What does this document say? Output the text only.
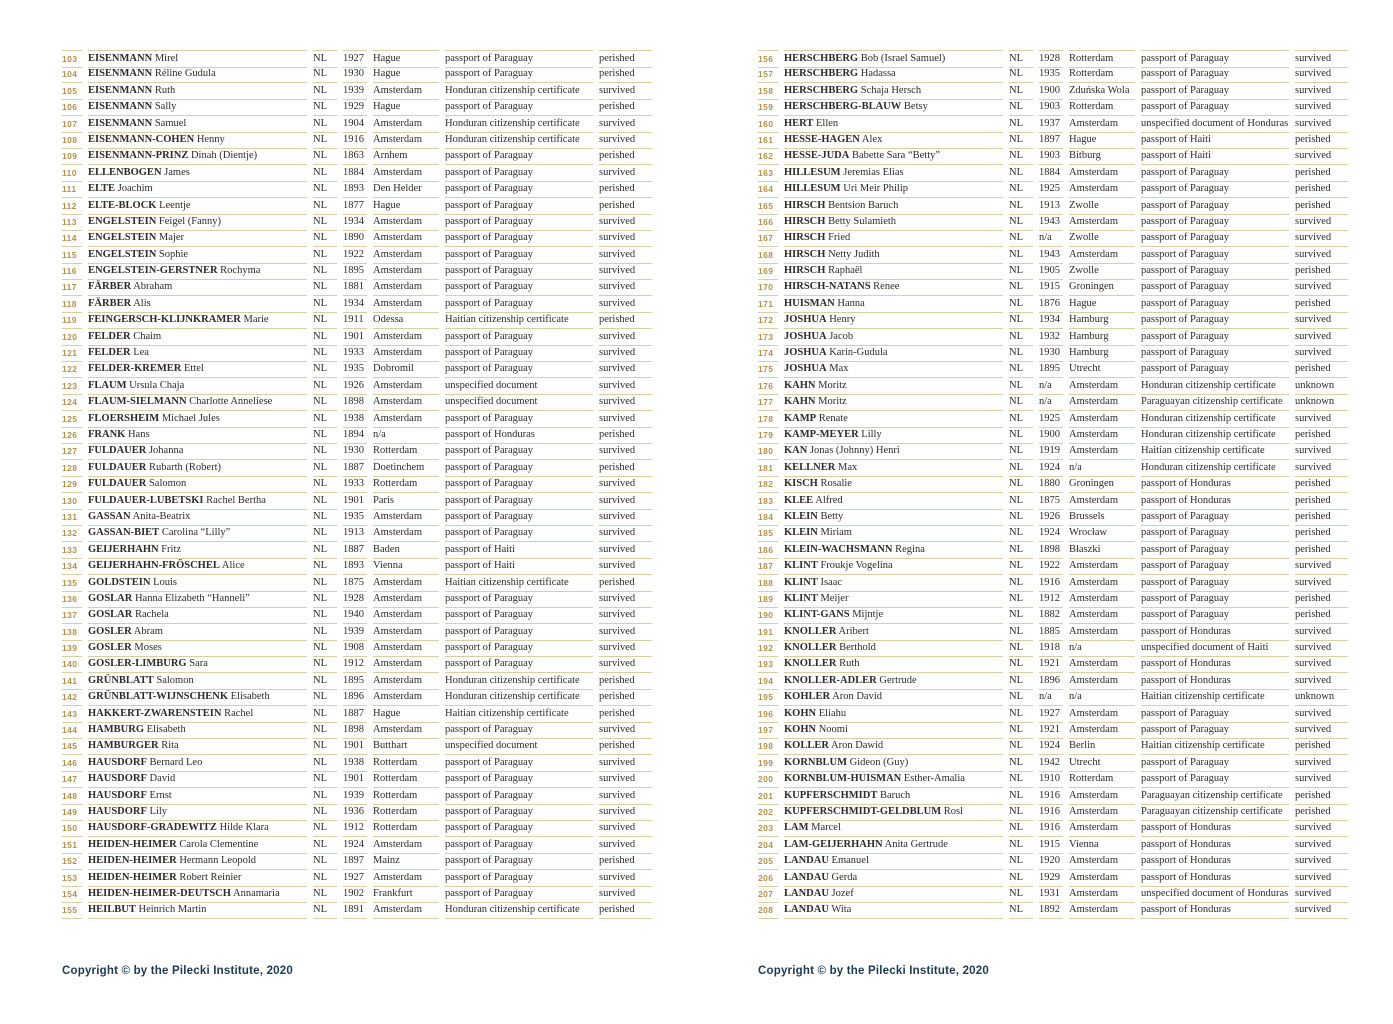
103	EISENMANN Mirel	NL	1927 Hague	passport of Paraguay	perished
104	EISENMANN Réline Gudula	NL	1930 Hague	passport of Paraguay	perished
105	EISENMANN Ruth	NL	1939 Amsterdam	Honduran citizenship certificate	survived
106	EISENMANN Sally	NL	1929 Hague	passport of Paraguay	perished
107	EISENMANN Samuel	NL	1904 Amsterdam	Honduran citizenship certificate	survived
108	EISENMANN-COHEN Henny	NL	1916 Amsterdam	Honduran citizenship certificate	survived
109	EISENMANN-PRINZ Dinah (Dientje)	NL	1863 Arnhem	passport of Paraguay	perished
110	ELLENBOGEN James	NL	1884 Amsterdam	passport of Paraguay	survived
111	ELTE Joachim	NL	1893 Den Helder	passport of Paraguay	perished
112	ELTE-BLOCK Leentje	NL	1877 Hague	passport of Paraguay	perished
113	ENGELSTEIN Feigel (Fanny)	NL	1934 Amsterdam	passport of Paraguay	survived
114	ENGELSTEIN Majer	NL	1890 Amsterdam	passport of Paraguay	survived
115	ENGELSTEIN Sophie	NL	1922 Amsterdam	passport of Paraguay	survived
116	ENGELSTEIN-GERSTNER Rochyma	NL	1895 Amsterdam	passport of Paraguay	survived
117	FÄRBER Abraham	NL	1881 Amsterdam	passport of Paraguay	survived
118	FÄRBER Alis	NL	1934 Amsterdam	passport of Paraguay	survived
119	FEINGERSCH-KLIJNKRAMER Marie	NL	1911 Odessa	Haitian citizenship certificate	perished
120	FELDER Chaim	NL	1901 Amsterdam	passport of Paraguay	survived
121	FELDER Lea	NL	1933 Amsterdam	passport of Paraguay	survived
122	FELDER-KREMER Ettel	NL	1935 Dobromil	passport of Paraguay	survived
123	FLAUM Ursula Chaja	NL	1926 Amsterdam	unspecified document	survived
124	FLAUM-SIELMANN Charlotte Anneliese	NL	1898 Amsterdam	unspecified document	survived
125	FLOERSHEIM Michael Jules	NL	1938 Amsterdam	passport of Paraguay	survived
126	FRANK Hans	NL	1894 n/a	passport of Honduras	perished
127	FULDAUER Johanna	NL	1930 Rotterdam	passport of Paraguay	survived
128	FULDAUER Rubarth (Robert)	NL	1887 Doetinchem	passport of Paraguay	perished
129	FULDAUER Salomon	NL	1933 Rotterdam	passport of Paraguay	survived
130	FULDAUER-LUBETSKI Rachel Bertha	NL	1901 Paris	passport of Paraguay	survived
131	GASSAN Anita-Beatrix	NL	1935 Amsterdam	passport of Paraguay	survived
132	GASSAN-BIET Carolina “Lilly”	NL	1913 Amsterdam	passport of Paraguay	survived
133	GEIJERHAHN Fritz	NL	1887 Baden	passport of Haiti	survived
134	GEIJERHAHN-FRÖSCHEL Alice	NL	1893 Vienna	passport of Haiti	survived
135	GOLDSTEIN Louis	NL	1875 Amsterdam	Haitian citizenship certificate	perished
136	GOSLAR Hanna Elizabeth “Hanneli”	NL	1928 Amsterdam	passport of Paraguay	survived
137	GOSLAR Rachela	NL	1940 Amsterdam	passport of Paraguay	survived
138	GOSLER Abram	NL	1939 Amsterdam	passport of Paraguay	survived
139	GOSLER Moses	NL	1908 Amsterdam	passport of Paraguay	survived
140	GOSLER-LIMBURG Sara	NL	1912 Amsterdam	passport of Paraguay	survived
141	GRÜNBLATT Salomon	NL	1895 Amsterdam	Honduran citizenship certificate	perished
142	GRÜNBLATT-WIJNSCHENK Elisabeth	NL	1896 Amsterdam	Honduran citizenship certificate	perished
143	HAKKERT-ZWARENSTEIN Rachel	NL	1887 Hague	Haitian citizenship certificate	perished
144	HAMBURG Elisabeth	NL	1898 Amsterdam	passport of Paraguay	survived
145	HAMBURGER Rita	NL	1901 Butthart	unspecified document	perished
146	HAUSDORF Bernard Leo	NL	1938 Rotterdam	passport of Paraguay	survived
147	HAUSDORF David	NL	1901 Rotterdam	passport of Paraguay	survived
148	HAUSDORF Ernst	NL	1939 Rotterdam	passport of Paraguay	survived
149	HAUSDORF Lily	NL	1936 Rotterdam	passport of Paraguay	survived
150	HAUSDORF-GRADEWITZ Hilde Klara	NL	1912 Rotterdam	passport of Paraguay	survived
151	HEIDEN-HEIMER Carola Clementine	NL	1924 Amsterdam	passport of Paraguay	survived
152	HEIDEN-HEIMER Hermann Leopold	NL	1897 Mainz	passport of Paraguay	perished
153	HEIDEN-HEIMER Robert Reinier	NL	1927 Amsterdam	passport of Paraguay	survived
154	HEIDEN-HEIMER-DEUTSCH Annamaria	NL	1902 Frankfurt	passport of Paraguay	survived
155	HEILBUT Heinrich Martin	NL	1891 Amsterdam	Honduran citizenship certificate	perished
Copyright © by the Pilecki Institute, 2020
156	HERSCHBERG Bob (Israel Samuel)	NL	1928 Rotterdam	passport of Paraguay	survived
157	HERSCHBERG Hadassa	NL	1935 Rotterdam	passport of Paraguay	survived
158	HERSCHBERG Schaja Hersch	NL	1900 Zduńska Wola	passport of Paraguay	survived
159	HERSCHBERG-BLAUW Betsy	NL	1903 Rotterdam	passport of Paraguay	survived
160	HERT Ellen	NL	1937 Amsterdam	unspecified document of Honduras survived
161	HESSE-HAGEN Alex	NL	1897 Hague	passport of Haiti	perished
162	HESSE-JUDA Babette Sara “Betty”	NL	1903 Bitburg	passport of Haiti	survived
163	HILLESUM Jeremias Elias	NL	1884 Amsterdam	passport of Paraguay	perished
164	HILLESUM Uri Meir Philip	NL	1925 Amsterdam	passport of Paraguay	perished
165	HIRSCH Bentsion Baruch	NL	1913 Zwolle	passport of Paraguay	perished
166	HIRSCH Betty Sulamieth	NL	1943 Amsterdam	passport of Paraguay	survived
167	HIRSCH Fried	NL	n/a	Zwolle	passport of Paraguay	survived
168	HIRSCH Netty Judith	NL	1943 Amsterdam	passport of Paraguay	survived
169	HIRSCH Raphaël	NL	1905 Zwolle	passport of Paraguay	perished
170	HIRSCH-NATANS Renee	NL	1915 Groningen	passport of Paraguay	survived
171	HUISMAN Hanna	NL	1876 Hague	passport of Paraguay	perished
172	JOSHUA Henry	NL	1934 Hamburg	passport of Paraguay	survived
173	JOSHUA Jacob	NL	1932 Hamburg	passport of Paraguay	survived
174	JOSHUA Karin-Gudula	NL	1930 Hamburg	passport of Paraguay	survived
175	JOSHUA Max	NL	1895 Utrecht	passport of Paraguay	perished
176	KAHN Moritz	NL	n/a	Amsterdam	Honduran citizenship certificate	unknown
177	KAHN Moritz	NL	n/a	Amsterdam	Paraguayan citizenship certificate	unknown
178	KAMP Renate	NL	1925 Amsterdam	Honduran citizenship certificate	survived
179	KAMP-MEYER Lilly	NL	1900 Amsterdam	Honduran citizenship certificate	perished
180	KAN Jonas (Johnny) Henri	NL	1919 Amsterdam	Haitian citizenship certificate	survived
181	KELLNER Max	NL	1924 n/a	Honduran citizenship certificate	survived
182	KISCH Rosalie	NL	1880 Groningen	passport of Honduras	perished
183	KLEE Alfred	NL	1875 Amsterdam	passport of Honduras	perished
184	KLEIN Betty	NL	1926 Brussels	passport of Paraguay	perished
185	KLEIN Miriam	NL	1924 Wrocław	passport of Paraguay	perished
186	KLEIN-WACHSMANN Regina	NL	1898 Błaszki	passport of Paraguay	perished
187	KLINT Froukje Vogelina	NL	1922 Amsterdam	passport of Paraguay	survived
188	KLINT Isaac	NL	1916 Amsterdam	passport of Paraguay	survived
189	KLINT Meijer	NL	1912 Amsterdam	passport of Paraguay	perished
190	KLINT-GANS Mijntje	NL	1882 Amsterdam	passport of Paraguay	perished
191	KNOLLER Aribert	NL	1885 Amsterdam	passport of Honduras	survived
192	KNOLLER Berthold	NL	1918 n/a	unspecified document of Haiti	survived
193	KNOLLER Ruth	NL	1921 Amsterdam	passport of Honduras	survived
194	KNOLLER-ADLER Gertrude	NL	1896 Amsterdam	passport of Honduras	survived
195	KOHLER Aron David	NL	n/a	n/a	Haitian citizenship certificate	unknown
196	KOHN Eliahu	NL	1927 Amsterdam	passport of Paraguay	survived
197	KOHN Noomi	NL	1921 Amsterdam	passport of Paraguay	survived
198	KOLLER Aron Dawid	NL	1924 Berlin	Haitian citizenship certificate	perished
199	KORNBLUM Gideon (Guy)	NL	1942 Utrecht	passport of Paraguay	survived
200	KORNBLUM-HUISMAN Esther-Amalia	NL	1910 Rotterdam	passport of Paraguay	survived
201	KUPFERSCHMIDT Baruch	NL	1916 Amsterdam	Paraguayan citizenship certificate	perished
202	KUPFERSCHMIDT-GELDBLUM Rosl	NL	1916 Amsterdam	Paraguayan citizenship certificate	perished
203	LAM Marcel	NL	1916 Amsterdam	passport of Honduras	survived
204	LAM-GEIJERHAHN Anita Gertrude	NL	1915 Vienna	passport of Honduras	survived
205	LANDAU Emanuel	NL	1920 Amsterdam	passport of Honduras	survived
206	LANDAU Gerda	NL	1929 Amsterdam	passport of Honduras	survived
207	LANDAU Jozef	NL	1931 Amsterdam	unspecified document of Honduras survived
208	LANDAU Wita	NL	1892 Amsterdam	passport of Honduras	survived
Copyright © by the Pilecki Institute, 2020
